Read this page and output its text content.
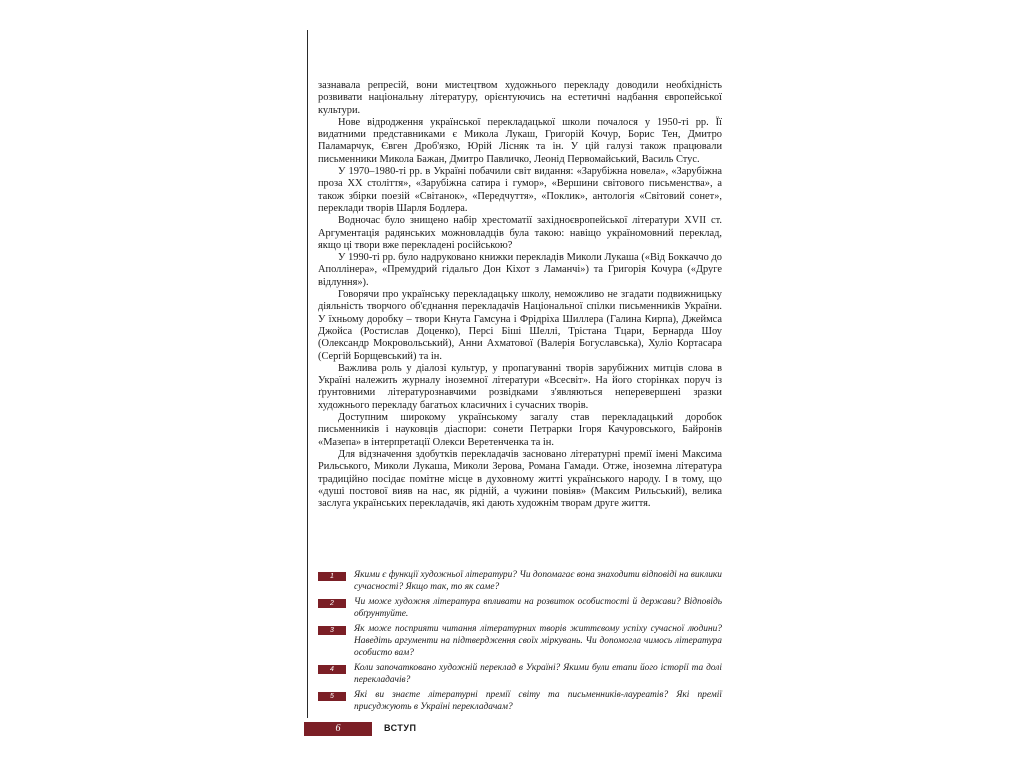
зазнавала репресій, вони мистецтвом художнього перекладу доводили необхідність розвивати національну літературу, орієнтуючись на естетичні надбання європейської культури.

Нове відродження української перекладацької школи почалося у 1950-ті рр. Її видатними представниками є Микола Лукаш, Григорій Кочур, Борис Тен, Дмитро Паламарчук, Євген Дроб'язко, Юрій Лісняк та ін. У цій галузі також працювали письменники Микола Бажан, Дмитро Павличко, Леонід Первомайський, Василь Стус.

У 1970–1980-ті рр. в Україні побачили світ видання: «Зарубіжна новела», «Зарубіжна проза ХХ століття», «Зарубіжна сатира і гумор», «Вершини світового письменства», а також збірки поезій «Світанок», «Передчуття», «Поклик», антологія «Світовий сонет», переклади творів Шарля Бодлера.

Водночас було знищено набір хрестоматії західноєвропейської літератури XVII ст. Аргументація радянських можновладців була такою: навіщо україномовний переклад, якщо ці твори вже перекладені російською?

У 1990-ті рр. було надруковано книжки перекладів Миколи Лукаша («Від Боккаччо до Аполлінера», «Премудрий гідальго Дон Кіхот з Ламанчі») та Григорія Кочура («Друге відлуння»).

Говорячи про українську перекладацьку школу, неможливо не згадати подвижницьку діяльність творчого об'єднання перекладачів Національної спілки письменників України. У їхньому доробку – твори Кнута Гамсуна і Фрідріха Шиллера (Галина Кирпа), Джеймса Джойса (Ростислав Доценко), Персі Біші Шеллі, Трістана Тцари, Бернарда Шоу (Олександр Мокровольський), Анни Ахматової (Валерія Богуславська), Хуліо Кортасара (Сергій Борщевський) та ін.

Важлива роль у діалозі культур, у пропагуванні творів зарубіжних митців слова в Україні належить журналу іноземної літератури «Всесвіт». На його сторінках поруч із ґрунтовними літературознавчими розвідками з'являються неперевершені зразки художнього перекладу багатьох класичних і сучасних творів.

Доступним широкому українському загалу став перекладацький доробок письменників і науковців діаспори: сонети Петрарки Ігоря Качуровського, Байронів «Мазепа» в інтерпретації Олекси Веретенченка та ін.

Для відзначення здобутків перекладачів засновано літературні премії імені Максима Рильського, Миколи Лукаша, Миколи Зерова, Романа Гамади. Отже, іноземна література традиційно посідає помітне місце в духовному житті українського народу. І в тому, що «душі постової вияв на нас, як рідній, а чужини повіяв» (Максим Рильський), велика заслуга українських перекладачів, які дають художнім творам друге життя.

1	Якими є функції художньої літератури? Чи допомагає вона знаходити відповіді на виклики сучасності? Якщо так, то як саме?
2	Чи може художня література впливати на розвиток особистості й держави? Відповідь обґрунтуйте.
3	Як може посприяти читання літературних творів життєвому успіху сучасної людини? Наведіть аргументи на підтвердження своїх міркувань. Чи допомогла чимось література особисто вам?
4	Коли започатковано художній переклад в Україні? Якими були етапи його історії та долі перекладачів?
5	Які ви знаєте літературні премії світу та письменників-лауреатів? Які премії присуджують в Україні перекладачам?
6	ВСТУП
